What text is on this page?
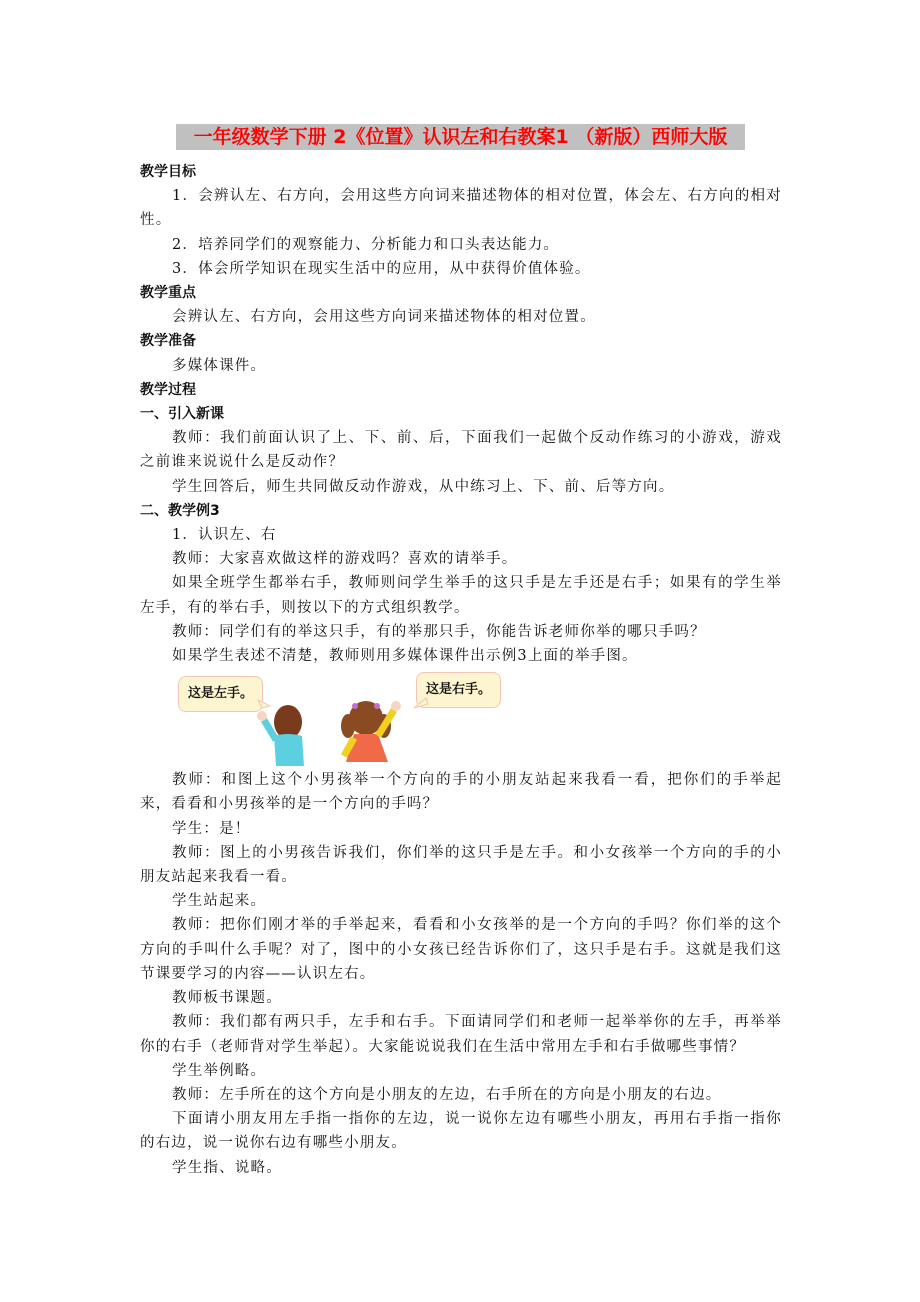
一年级数学下册 2《位置》认识左和右教案1 （新版）西师大版

教学目标

1．会辨认左、右方向，会用这些方向词来描述物体的相对位置，体会左、右方向的相对性。

2．培养同学们的观察能力、分析能力和口头表达能力。

3．体会所学知识在现实生活中的应用，从中获得价值体验。

教学重点

会辨认左、右方向，会用这些方向词来描述物体的相对位置。

教学准备

多媒体课件。

教学过程

一、引入新课

教师：我们前面认识了上、下、前、后，下面我们一起做个反动作练习的小游戏，游戏之前谁来说说什么是反动作？

学生回答后，师生共同做反动作游戏，从中练习上、下、前、后等方向。

二、教学例3

1．认识左、右

教师：大家喜欢做这样的游戏吗？喜欢的请举手。

如果全班学生都举右手，教师则问学生举手的这只手是左手还是右手；如果有的学生举左手，有的举右手，则按以下的方式组织教学。

教师：同学们有的举这只手，有的举那只手，你能告诉老师你举的哪只手吗？

如果学生表述不清楚，教师则用多媒体课件出示例3上面的举手图。

这是左手。	这是右手。

教师：和图上这个小男孩举一个方向的手的小朋友站起来我看一看，把你们的手举起来，看看和小男孩举的是一个方向的手吗？

学生：是！

教师：图上的小男孩告诉我们，你们举的这只手是左手。和小女孩举一个方向的手的小朋友站起来我看一看。

学生站起来。

教师：把你们刚才举的手举起来，看看和小女孩举的是一个方向的手吗？你们举的这个方向的手叫什么手呢？对了，图中的小女孩已经告诉你们了，这只手是右手。这就是我们这节课要学习的内容——认识左右。

教师板书课题。

教师：我们都有两只手，左手和右手。下面请同学们和老师一起举举你的左手，再举举你的右手（老师背对学生举起）。大家能说说我们在生活中常用左手和右手做哪些事情？

学生举例略。

教师：左手所在的这个方向是小朋友的左边，右手所在的方向是小朋友的右边。

下面请小朋友用左手指一指你的左边，说一说你左边有哪些小朋友，再用右手指一指你的右边，说一说你右边有哪些小朋友。

学生指、说略。
